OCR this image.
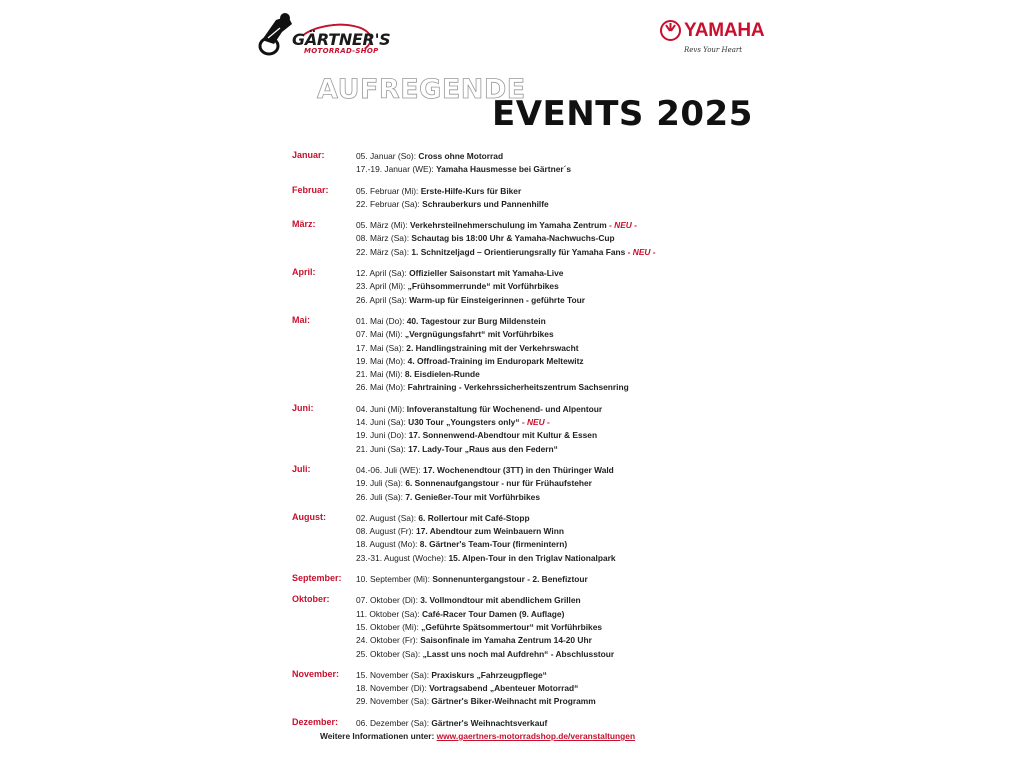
GÄRTNER'S
MOTORRAD-SHOP
YAMAHA
Revs Your Heart
AUFREGENDE
EVENTS 2025
Januar:	05. Januar (So): Cross ohne Motorrad
17.-19. Januar (WE): Yamaha Hausmesse bei Gärtner´s
Februar:	05. Februar (Mi): Erste-Hilfe-Kurs für Biker
22. Februar (Sa): Schrauberkurs und Pannenhilfe
März:	05. März (Mi): Verkehrsteilnehmerschulung im Yamaha Zentrum - NEU -
08. März (Sa): Schautag bis 18:00 Uhr & Yamaha-Nachwuchs-Cup
22. März (Sa): 1. Schnitzeljagd – Orientierungsrally für Yamaha Fans - NEU -
April:	12. April (Sa): Offizieller Saisonstart mit Yamaha-Live
23. April (Mi): „Frühsommerrunde“ mit Vorführbikes
26. April (Sa): Warm-up für Einsteigerinnen - geführte Tour
Mai:	01. Mai (Do): 40. Tagestour zur Burg Mildenstein
07. Mai (Mi): „Vergnügungsfahrt“ mit Vorführbikes
17. Mai (Sa): 2. Handlingstraining mit der Verkehrswacht
19. Mai (Mo): 4. Offroad-Training im Enduropark Meltewitz
21. Mai (Mi): 8. Eisdielen-Runde
26. Mai (Mo): Fahrtraining - Verkehrssicherheitszentrum Sachsenring
Juni:	04. Juni (Mi): Infoveranstaltung für Wochenend- und Alpentour
14. Juni (Sa): U30 Tour „Youngsters only“ - NEU -
19. Juni (Do): 17. Sonnenwend-Abendtour mit Kultur & Essen
21. Juni (Sa): 17. Lady-Tour „Raus aus den Federn“
Juli:	04.-06. Juli (WE): 17. Wochenendtour (3TT) in den Thüringer Wald
19. Juli (Sa): 6. Sonnenaufgangstour - nur für Frühaufsteher
26. Juli (Sa): 7. Genießer-Tour mit Vorführbikes
August:	02. August (Sa): 6. Rollertour mit Café-Stopp
08. August (Fr): 17. Abendtour zum Weinbauern Winn
18. August (Mo): 8. Gärtner's Team-Tour (firmenintern)
23.-31. August (Woche): 15. Alpen-Tour in den Triglav Nationalpark
September: 10. September (Mi): Sonnenuntergangstour - 2. Benefiztour
Oktober:	07. Oktober (Di): 3. Vollmondtour mit abendlichem Grillen
11. Oktober (Sa): Café-Racer Tour Damen (9. Auflage)
15. Oktober (Mi): „Geführte Spätsommertour“ mit Vorführbikes
24. Oktober (Fr): Saisonfinale im Yamaha Zentrum 14-20 Uhr
25. Oktober (Sa): „Lasst uns noch mal Aufdrehn“ - Abschlusstour
November: 15. November (Sa): Praxiskurs „Fahrzeugpflege“
18. November (Di): Vortragsabend „Abenteuer Motorrad“
29. November (Sa): Gärtner's Biker-Weihnacht mit Programm
Dezember: 06. Dezember (Sa): Gärtner's Weihnachtsverkauf
Weitere Informationen unter: www.gaertners-motorradshop.de/veranstaltungen
